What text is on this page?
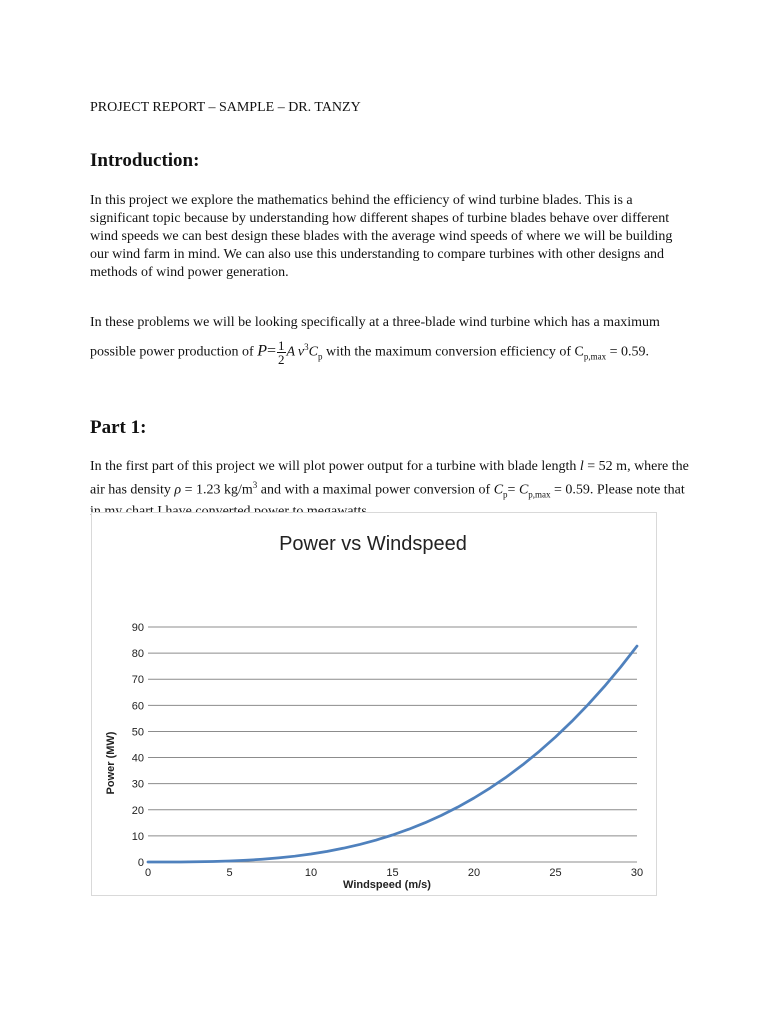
PROJECT REPORT – SAMPLE – DR. TANZY
Introduction:

In this project we explore the mathematics behind the efficiency of wind turbine blades. This is a significant topic because by understanding how different shapes of turbine blades behave over different wind speeds we can best design these blades with the average wind speeds of where we will be building our wind farm in mind. We can also use this understanding to compare turbines with other designs and methods of wind power generation.

In these problems we will be looking specifically at a three-blade wind turbine which has a maximum possible power production of $P= \frac{1}{2}$ A  $v^3C_p$ with the maximum conversion efficiency of $C_{p,max} = 0.59$.

Part 1:

In the first part of this project we will plot power output for a turbine with blade length l = 52 m, where the air has density ρ = 1.23 $kg/m^3$ and with a maximal power conversion of $C_p= C_{p,max} = 0.59$. Please note that

Power vs Windspeed
0
10
20
30
40
50
60
70
80
90
0	5	10	15	20	25	30
Windspeed (m/s)
Power (MW)
